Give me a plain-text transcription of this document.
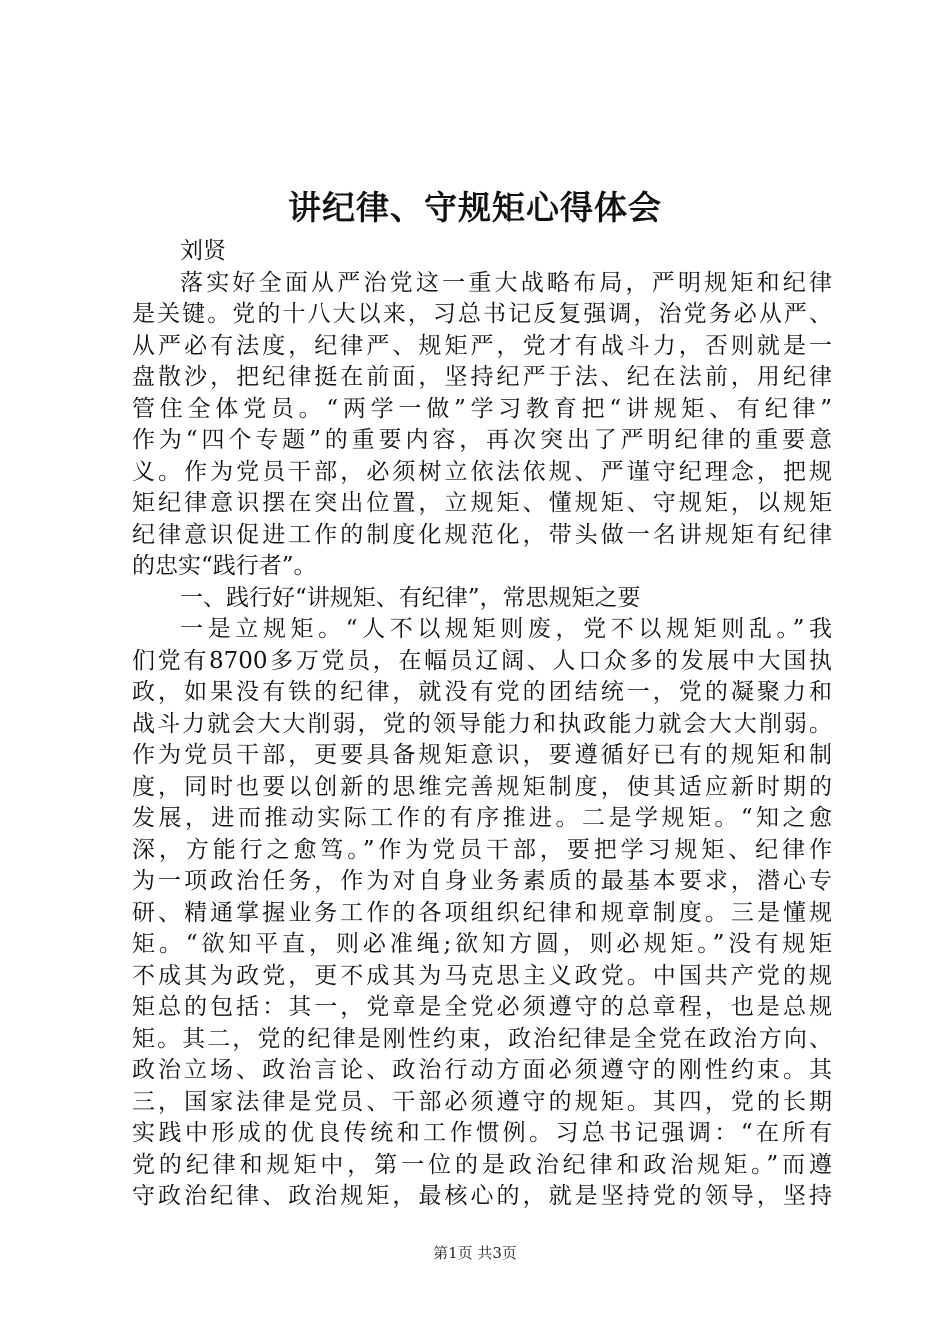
讲纪律、守规矩心得体会
刘贤
落实好全面从严治党这一重大战略布局，严明规矩和纪律
是关键。党的十八大以来，习总书记反复强调，治党务必从严、
从严必有法度，纪律严、规矩严，党才有战斗力，否则就是一
盘散沙，把纪律挺在前面，坚持纪严于法、纪在法前，用纪律
管住全体党员。“两学一做”学习教育把“讲规矩、有纪律”
作为“四个专题”的重要内容，再次突出了严明纪律的重要意
义。作为党员干部，必须树立依法依规、严谨守纪理念，把规
矩纪律意识摆在突出位置，立规矩、懂规矩、守规矩，以规矩
纪律意识促进工作的制度化规范化，带头做一名讲规矩有纪律
的忠实“践行者”。
一、践行好“讲规矩、有纪律”，常思规矩之要
一是立规矩。“人不以规矩则废，党不以规矩则乱。”我
们党有8700多万党员，在幅员辽阔、人口众多的发展中大国执
政，如果没有铁的纪律，就没有党的团结统一，党的凝聚力和
战斗力就会大大削弱，党的领导能力和执政能力就会大大削弱。
作为党员干部，更要具备规矩意识，要遵循好已有的规矩和制
度，同时也要以创新的思维完善规矩制度，使其适应新时期的
发展，进而推动实际工作的有序推进。二是学规矩。“知之愈
深，方能行之愈笃。”作为党员干部，要把学习规矩、纪律作
为一项政治任务，作为对自身业务素质的最基本要求，潜心专
研、精通掌握业务工作的各项组织纪律和规章制度。三是懂规
矩。“欲知平直，则必准绳;欲知方圆，则必规矩。”没有规矩
不成其为政党，更不成其为马克思主义政党。中国共产党的规
矩总的包括：其一，党章是全党必须遵守的总章程，也是总规
矩。其二，党的纪律是刚性约束，政治纪律是全党在政治方向、
政治立场、政治言论、政治行动方面必须遵守的刚性约束。其
三，国家法律是党员、干部必须遵守的规矩。其四，党的长期
实践中形成的优良传统和工作惯例。习总书记强调：“在所有
党的纪律和规矩中，第一位的是政治纪律和政治规矩。”而遵
守政治纪律、政治规矩，最核心的，就是坚持党的领导，坚持
第1页 共3页
